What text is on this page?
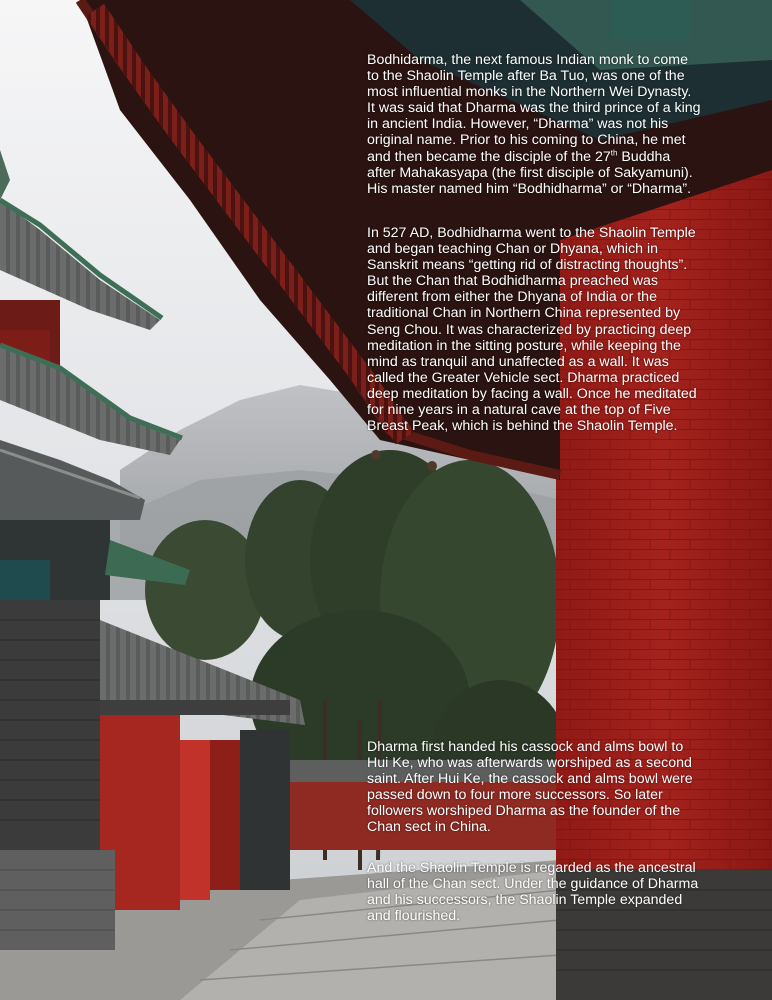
Bodhidarma, the next famous Indian monk to come
to the Shaolin Temple after Ba Tuo, was one of the
most influential monks in the Northern Wei Dynasty.
It was said that Dharma was the third prince of a king
in ancient India. However, “Dharma” was not his
original name. Prior to his coming to China, he met
and then became the disciple of the 27th Buddha
after Mahakasyapa (the first disciple of Sakyamuni).
His master named him “Bodhidharma” or “Dharma”.

In 527 AD, Bodhidharma went to the Shaolin Temple
and began teaching Chan or Dhyana, which in
Sanskrit means “getting rid of distracting thoughts”.
But the Chan that Bodhidharma preached was
different from either the Dhyana of India or the
traditional Chan in Northern China represented by
Seng Chou. It was characterized by practicing deep
meditation in the sitting posture, while keeping the
mind as tranquil and unaffected as a wall. It was
called the Greater Vehicle sect. Dharma practiced
deep meditation by facing a wall. Once he meditated
for nine years in a natural cave at the top of Five
Breast Peak, which is behind the Shaolin Temple.

Dharma first handed his cassock and alms bowl to
Hui Ke, who was afterwards worshiped as a second
saint. After Hui Ke, the cassock and alms bowl were
passed down to four more successors. So later
followers worshiped Dharma as the founder of the
Chan sect in China.

And the Shaolin Temple is regarded as the ancestral
hall of the Chan sect. Under the guidance of Dharma
and his successors, the Shaolin Temple expanded
and flourished.
